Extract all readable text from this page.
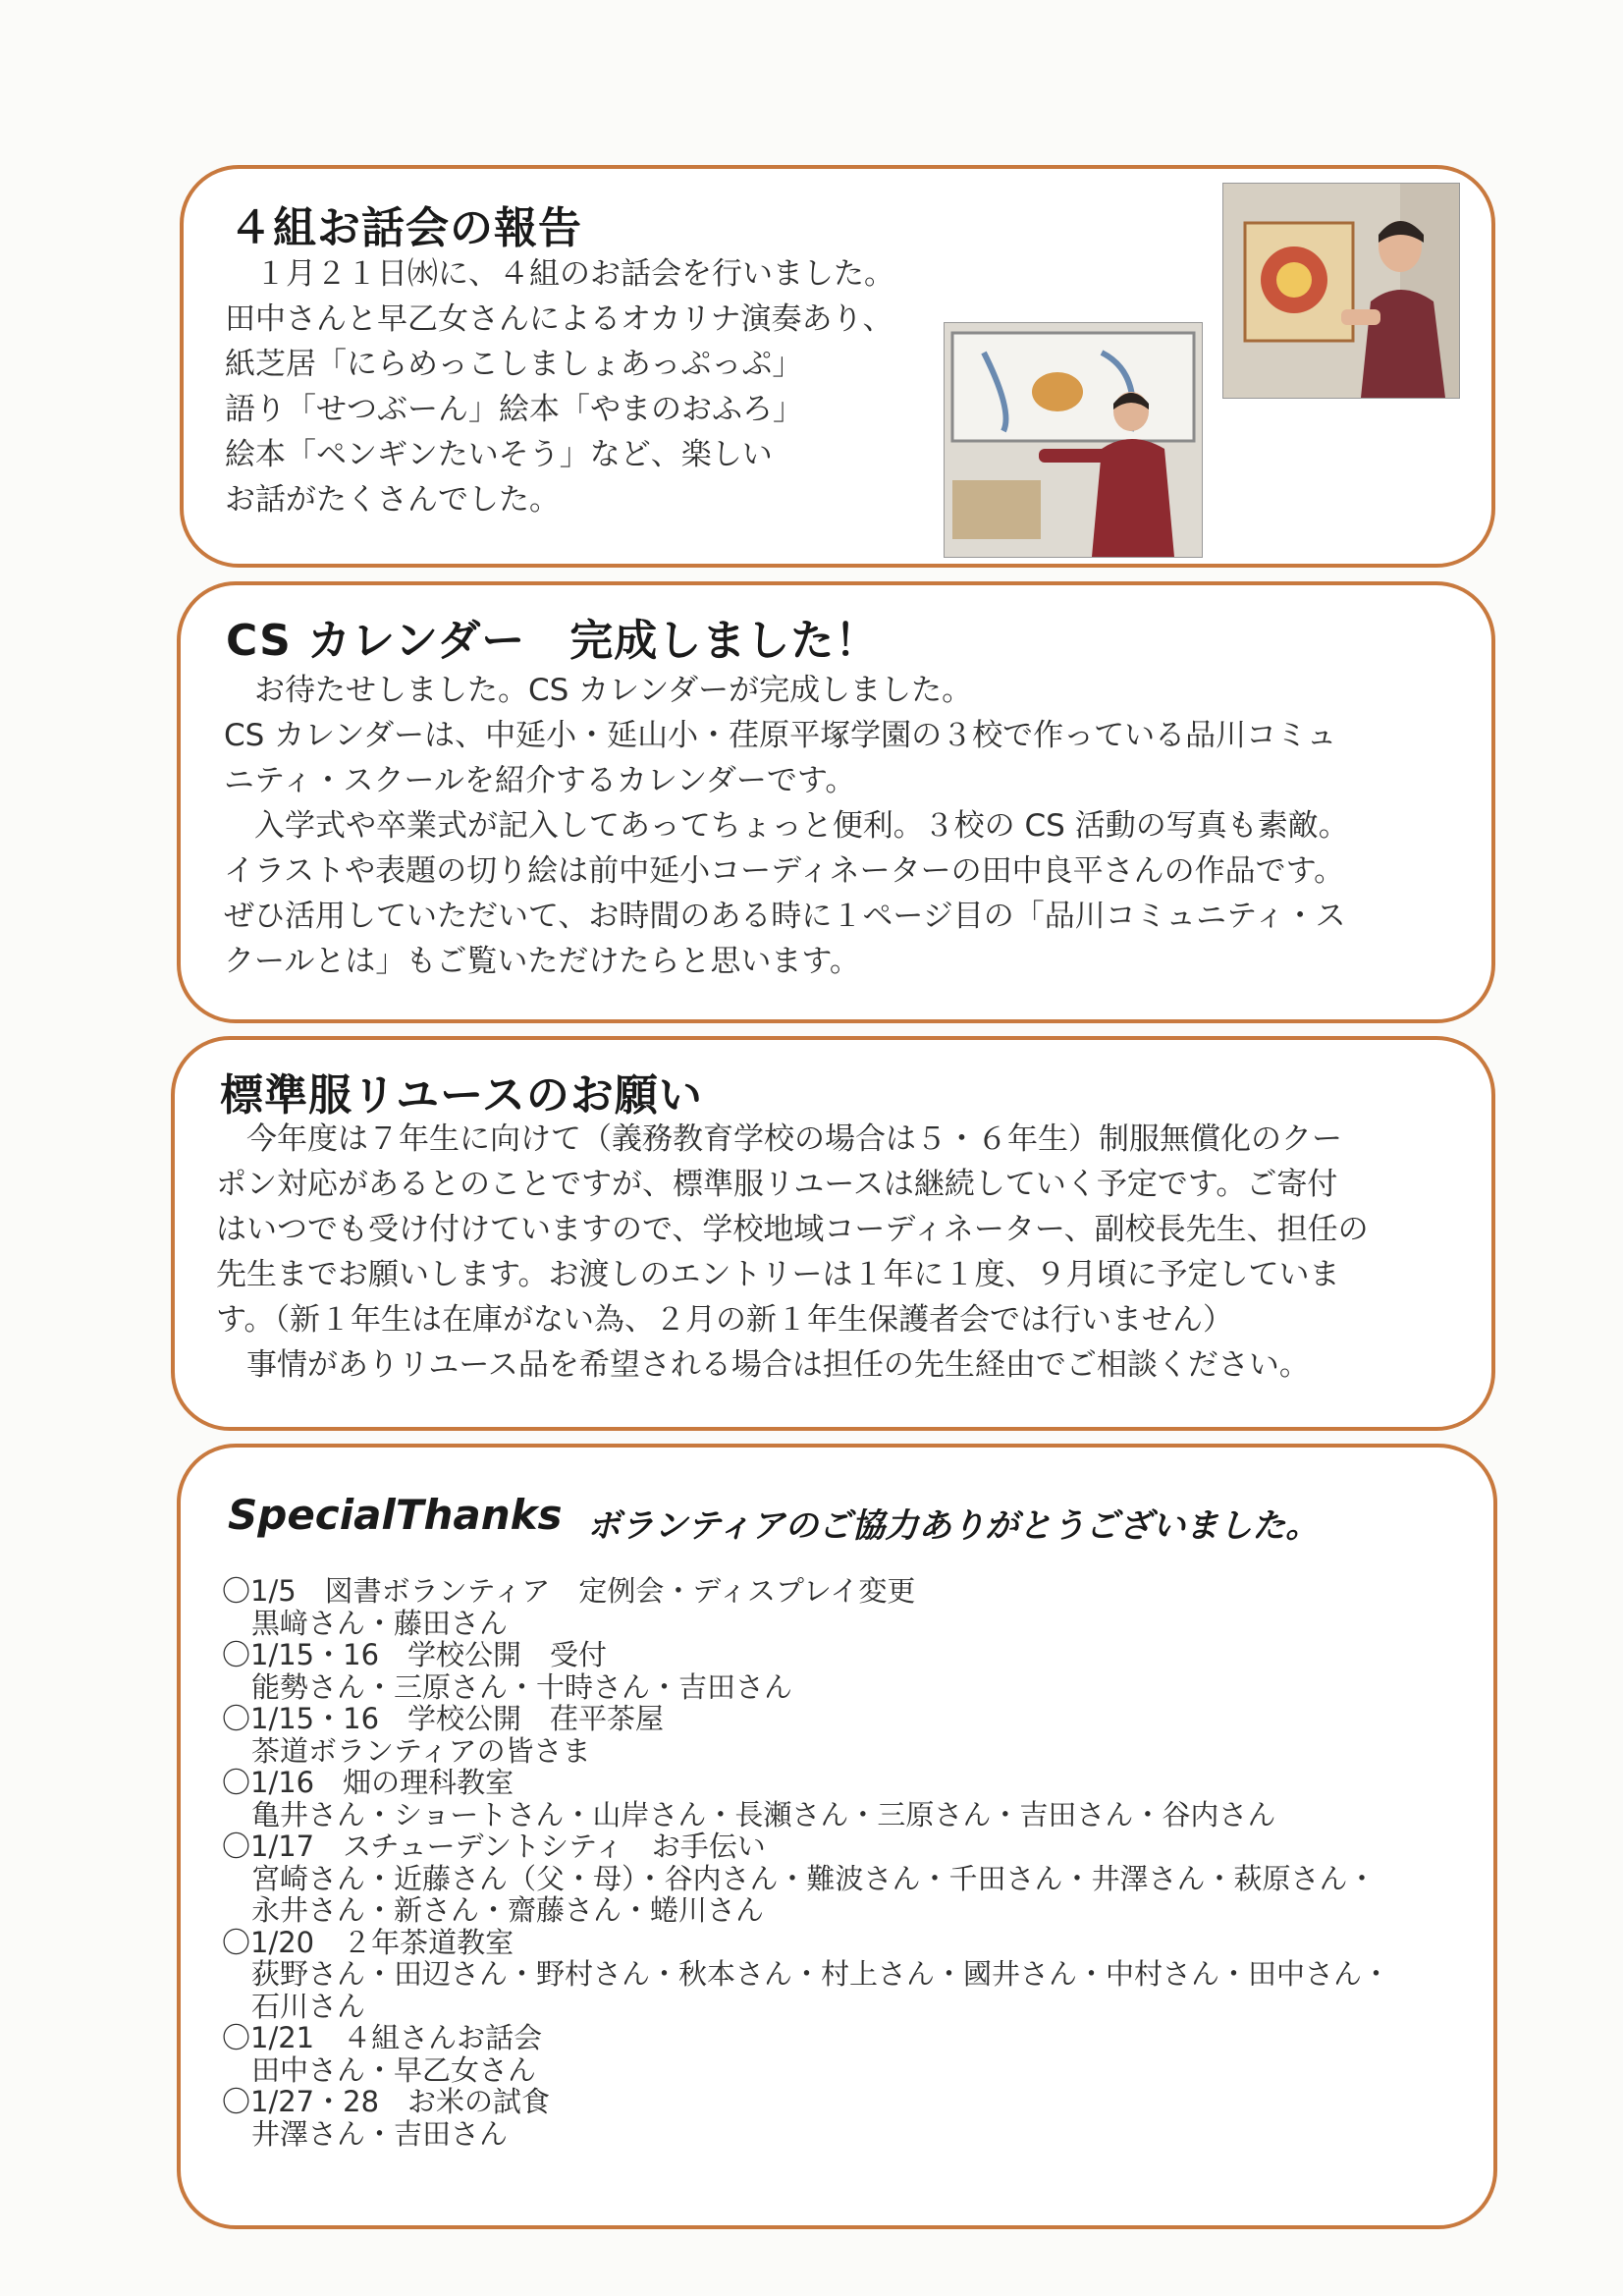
４組お話会の報告

　１月２１日㈬に、４組のお話会を行いました。

田中さんと早乙女さんによるオカリナ演奏あり、

紙芝居「にらめっこしましょあっぷっぷ」

語り「せつぶーん」絵本「やまのおふろ」

絵本「ペンギンたいそう」など、楽しい

お話がたくさんでした。

CS カレンダー　完成しました！

　お待たせしました。CS カレンダーが完成しました。

CS カレンダーは、中延小・延山小・荏原平塚学園の３校で作っている品川コミュ

ニティ・スクールを紹介するカレンダーです。

　入学式や卒業式が記入してあってちょっと便利。３校の CS 活動の写真も素敵。

イラストや表題の切り絵は前中延小コーディネーターの田中良平さんの作品です。

ぜひ活用していただいて、お時間のある時に１ページ目の「品川コミュニティ・ス

クールとは」もご覧いただけたらと思います。

標準服リユースのお願い

　今年度は７年生に向けて（義務教育学校の場合は５・６年生）制服無償化のクー

ポン対応があるとのことですが、標準服リユースは継続していく予定です。ご寄付

はいつでも受け付けていますので、学校地域コーディネーター、副校長先生、担任の

先生までお願いします。お渡しのエントリーは１年に１度、９月頃に予定していま

す。（新１年生は在庫がない為、２月の新１年生保護者会では行いません）

　事情がありリユース品を希望される場合は担任の先生経由でご相談ください。

SpecialThanks ボランティアのご協力ありがとうございました。

〇1/5　図書ボランティア　定例会・ディスプレイ変更

黒﨑さん・藤田さん

〇1/15・16　学校公開　受付

能勢さん・三原さん・十時さん・吉田さん

〇1/15・16　学校公開　荏平茶屋

茶道ボランティアの皆さま

〇1/16　畑の理科教室

亀井さん・ショートさん・山岸さん・長瀬さん・三原さん・吉田さん・谷内さん

〇1/17　スチューデントシティ　お手伝い

宮崎さん・近藤さん（父・母）・谷内さん・難波さん・千田さん・井澤さん・萩原さん・

永井さん・新さん・齋藤さん・蜷川さん

〇1/20　２年茶道教室

荻野さん・田辺さん・野村さん・秋本さん・村上さん・國井さん・中村さん・田中さん・

石川さん

〇1/21　４組さんお話会

田中さん・早乙女さん

〇1/27・28　お米の試食

井澤さん・吉田さん
